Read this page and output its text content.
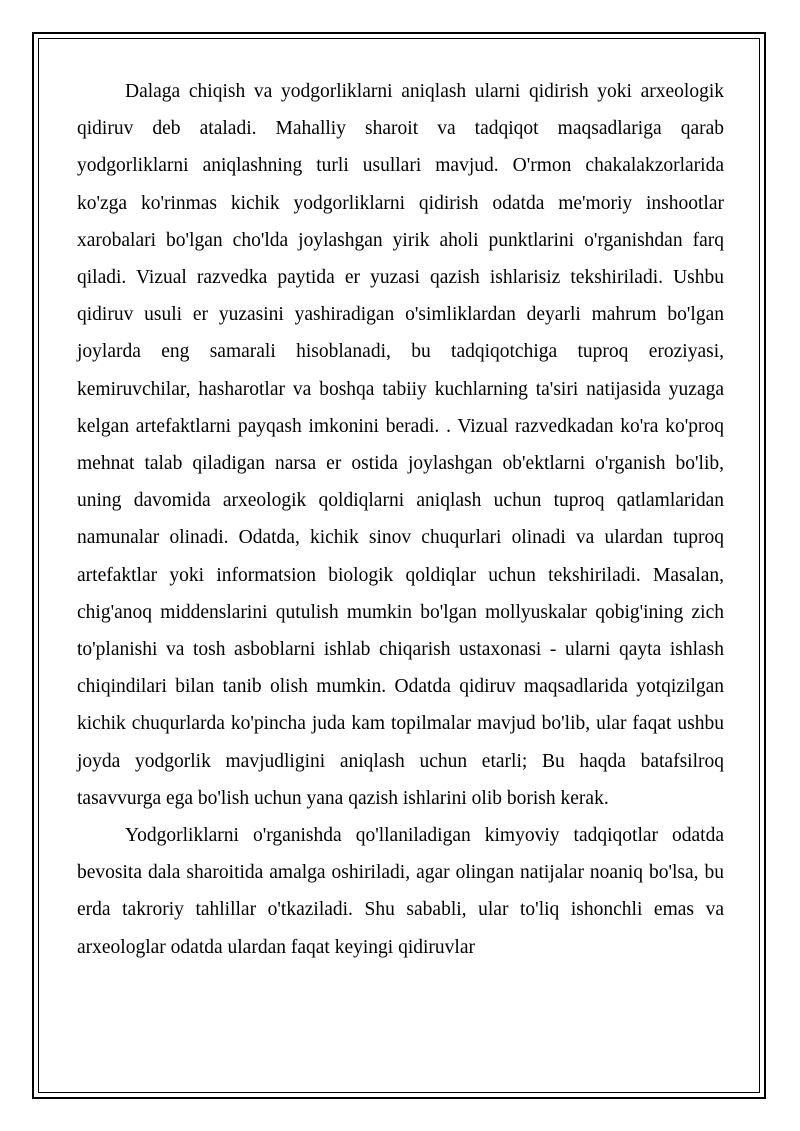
Dalaga chiqish va yodgorliklarni aniqlash ularni qidirish yoki arxeologik qidiruv deb ataladi. Mahalliy sharoit va tadqiqot maqsadlariga qarab yodgorliklarni aniqlashning turli usullari mavjud. O'rmon chakalakzorlarida ko'zga ko'rinmas kichik yodgorliklarni qidirish odatda me'moriy inshootlar xarobalari bo'lgan cho'lda joylashgan yirik aholi punktlarini o'rganishdan farq qiladi. Vizual razvedka paytida er yuzasi qazish ishlarisiz tekshiriladi. Ushbu qidiruv usuli er yuzasini yashiradigan o'simliklardan deyarli mahrum bo'lgan joylarda eng samarali hisoblanadi, bu tadqiqotchiga tuproq eroziyasi, kemiruvchilar, hasharotlar va boshqa tabiiy kuchlarning ta'siri natijasida yuzaga kelgan artefaktlarni payqash imkonini beradi. . Vizual razvedkadan ko'ra ko'proq mehnat talab qiladigan narsa er ostida joylashgan ob'ektlarni o'rganish bo'lib, uning davomida arxeologik qoldiqlarni aniqlash uchun tuproq qatlamlaridan namunalar olinadi. Odatda, kichik sinov chuqurlari olinadi va ulardan tuproq artefaktlar yoki informatsion biologik qoldiqlar uchun tekshiriladi. Masalan, chig'anoq middenslarini qutulish mumkin bo'lgan mollyuskalar qobig'ining zich to'planishi va tosh asboblarni ishlab chiqarish ustaxonasi - ularni qayta ishlash chiqindilari bilan tanib olish mumkin. Odatda qidiruv maqsadlarida yotqizilgan kichik chuqurlarda ko'pincha juda kam topilmalar mavjud bo'lib, ular faqat ushbu joyda yodgorlik mavjudligini aniqlash uchun etarli; Bu haqda batafsilroq tasavvurga ega bo'lish uchun yana qazish ishlarini olib borish kerak.

Yodgorliklarni o'rganishda qo'llaniladigan kimyoviy tadqiqotlar odatda bevosita dala sharoitida amalga oshiriladi, agar olingan natijalar noaniq bo'lsa, bu erda takroriy tahlillar o'tkaziladi. Shu sababli, ular to'liq ishonchli emas va arxeologlar odatda ulardan faqat keyingi qidiruvlar
